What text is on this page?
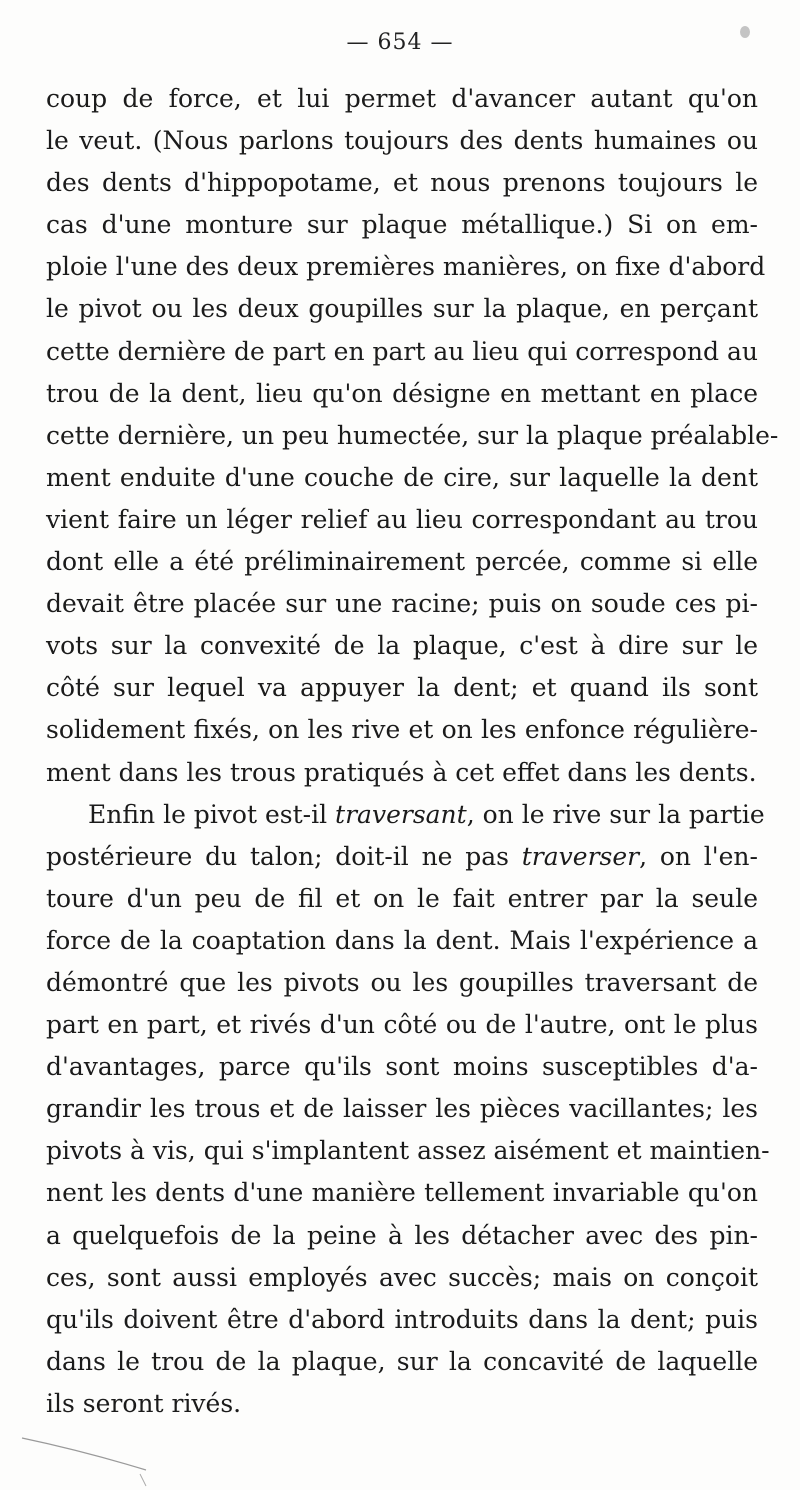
— 654 —
coup de force, et lui permet d'avancer autant qu'on
le veut. (Nous parlons toujours des dents humaines ou
des dents d'hippopotame, et nous prenons toujours le
cas d'une monture sur plaque métallique.) Si on em-
ploie l'une des deux premières manières, on fixe d'abord
le pivot ou les deux goupilles sur la plaque, en perçant
cette dernière de part en part au lieu qui correspond au
trou de la dent, lieu qu'on désigne en mettant en place
cette dernière, un peu humectée, sur la plaque préalable-
ment enduite d'une couche de cire, sur laquelle la dent
vient faire un léger relief au lieu correspondant au trou
dont elle a été préliminairement percée, comme si elle
devait être placée sur une racine; puis on soude ces pi-
vots sur la convexité de la plaque, c'est à dire sur le
côté sur lequel va appuyer la dent; et quand ils sont
solidement fixés, on les rive et on les enfonce régulière-
ment dans les trous pratiqués à cet effet dans les dents.
Enfin le pivot est-il traversant, on le rive sur la partie
postérieure du talon; doit-il ne pas traverser, on l'en-
toure d'un peu de fil et on le fait entrer par la seule
force de la coaptation dans la dent. Mais l'expérience a
démontré que les pivots ou les goupilles traversant de
part en part, et rivés d'un côté ou de l'autre, ont le plus
d'avantages, parce qu'ils sont moins susceptibles d'a-
grandir les trous et de laisser les pièces vacillantes; les
pivots à vis, qui s'implantent assez aisément et maintien-
nent les dents d'une manière tellement invariable qu'on
a quelquefois de la peine à les détacher avec des pin-
ces, sont aussi employés avec succès; mais on conçoit
qu'ils doivent être d'abord introduits dans la dent; puis
dans le trou de la plaque, sur la concavité de laquelle
ils seront rivés.
